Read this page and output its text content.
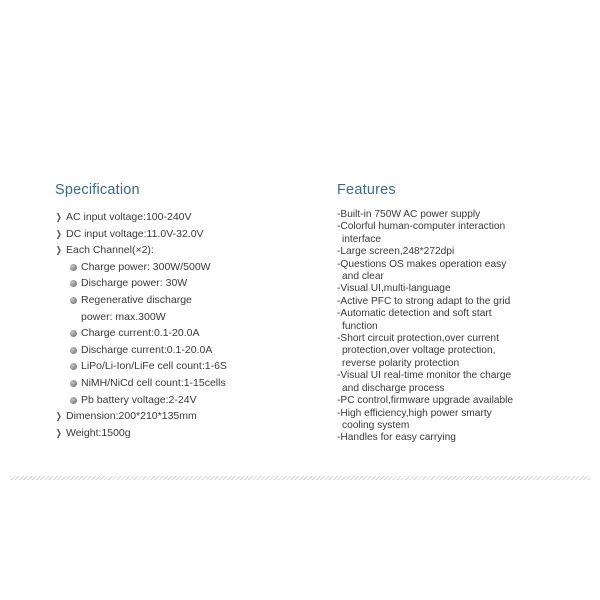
Specification
❯ AC input voltage:100-240V
❯ DC input voltage:11.0V-32.0V
❯ Each Channel(×2):
Charge power: 300W/500W
Discharge power: 30W
Regenerative discharge
power: max.300W
Charge current:0.1-20.0A
Discharge current:0.1-20.0A
LiPo/Li-Ion/LiFe cell count:1-6S
NiMH/NiCd cell count:1-15cells
Pb battery voltage:2-24V
❯ Dimension:200*210*135mm
❯ Weight:1500g
Features
-Built-in 750W AC power supply
-Colorful human-computer interaction
interface
-Large screen,248*272dpi
-Questions OS makes operation easy
and clear
-Visual UI,multi-language
-Active PFC to strong adapt to the grid
-Automatic detection and soft start
function
-Short circuit protection,over current
protection,over voltage protection,
reverse polarity protection
-Visual UI real-time monitor the charge
and discharge process
-PC control,firmware upgrade available
-High efficiency,high power smarty
cooling system
-Handles for easy carrying
